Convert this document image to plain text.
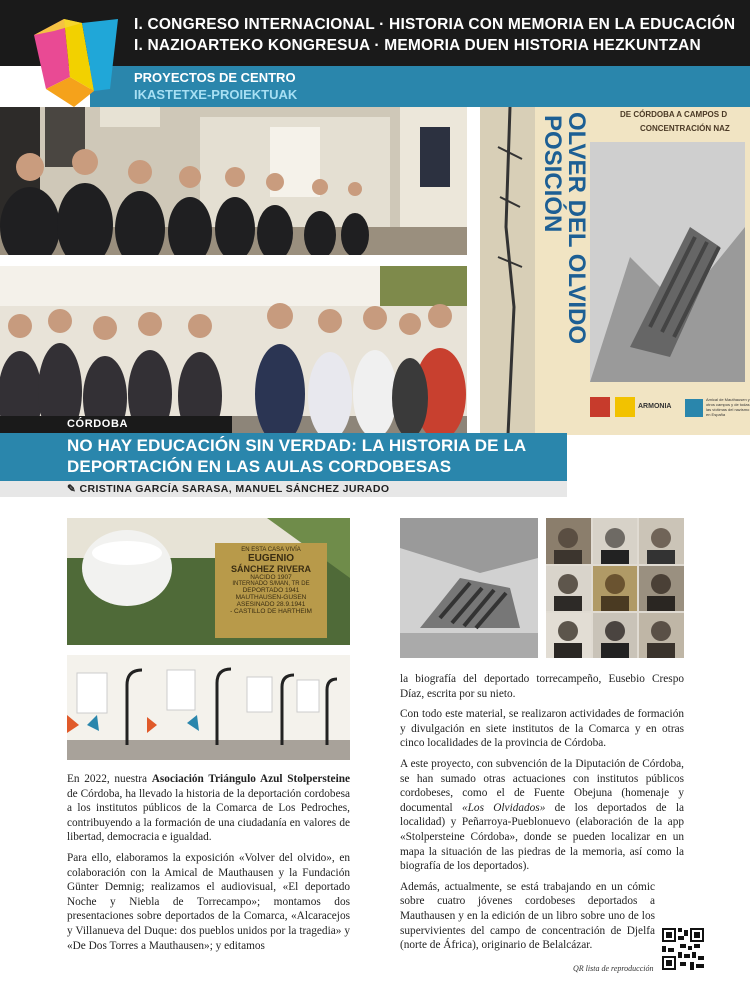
I. CONGRESO INTERNACIONAL · HISTORIA CON MEMORIA EN LA EDUCACIÓN
I. NAZIOARTEKO KONGRESUA · MEMORIA DUEN HISTORIA HEZKUNTZAN
PROYECTOS DE CENTRO
IKASTETXE-PROIEKTUAK
DE CÓRDOBA A CAMPOS D
CONCENTRACIÓN NAZ
POSICIÓN
OLVER DEL OLVIDO
ARMONIA
Amical de Mauthausen y otros campos y de todas las víctimas del nazismo en España
CÓRDOBA
NO HAY EDUCACIÓN SIN VERDAD: LA HISTORIA DE LA
DEPORTACIÓN EN LAS AULAS CORDOBESAS
✎ CRISTINA GARCÍA SARASA, MANUEL SÁNCHEZ JURADO
EN ESTA CASA VIVÍA
EUGENIO
SÁNCHEZ RIVERA
NACIDO 1907
INTERNADO S/MAN, TR DE
DEPORTADO 1941
MAUTHAUSEN-GUSEN
ASESINADO 28.9.1941
- CASTILLO DE HARTHEIM

En 2022, nuestra Asociación Triángulo Azul Stolpersteine de Córdoba, ha llevado la historia de la deportación cordobesa a los institutos públicos de la Comarca de Los Pedroches, contribuyendo a la formación de una ciudadanía en valores de libertad, democracia e igualdad.

Para ello, elaboramos la exposición «Volver del olvido», en colaboración con la Amical de Mauthausen y la Fundación Günter Demnig; realizamos el audiovisual, «El deportado Noche y Niebla de Torrecampo»; montamos dos presentaciones sobre deportados de la Comarca, «Alcaracejos y Villanueva del Duque: dos pueblos unidos por la tragedia» y «De Dos Torres a Mauthausen»; y editamos

la biografía del deportado torrecampeño, Eusebio Crespo Díaz, escrita por su nieto.

Con todo este material, se realizaron actividades de formación y divulgación en siete institutos de la Comarca y en otras cinco localidades de la provincia de Córdoba.

A este proyecto, con subvención de la Diputación de Córdoba, se han sumado otras actuaciones con institutos públicos cordobeses, como el de Fuente Obejuna (homenaje y documental «Los Olvidados» de los deportados de la localidad) y Peñarroya-Pueblonuevo (elaboración de la app «Stolpersteine Córdoba», donde se pueden localizar en un mapa la situación de las piedras de la memoria, así como la biografía de los deportados).

Además, actualmente, se está trabajando en un cómic sobre cuatro jóvenes cordobeses deportados a Mauthausen y en la edición de un libro sobre uno de los supervivientes del campo de concentración de Djelfa (norte de África), originario de Belalcázar.

QR lista de reproducción
